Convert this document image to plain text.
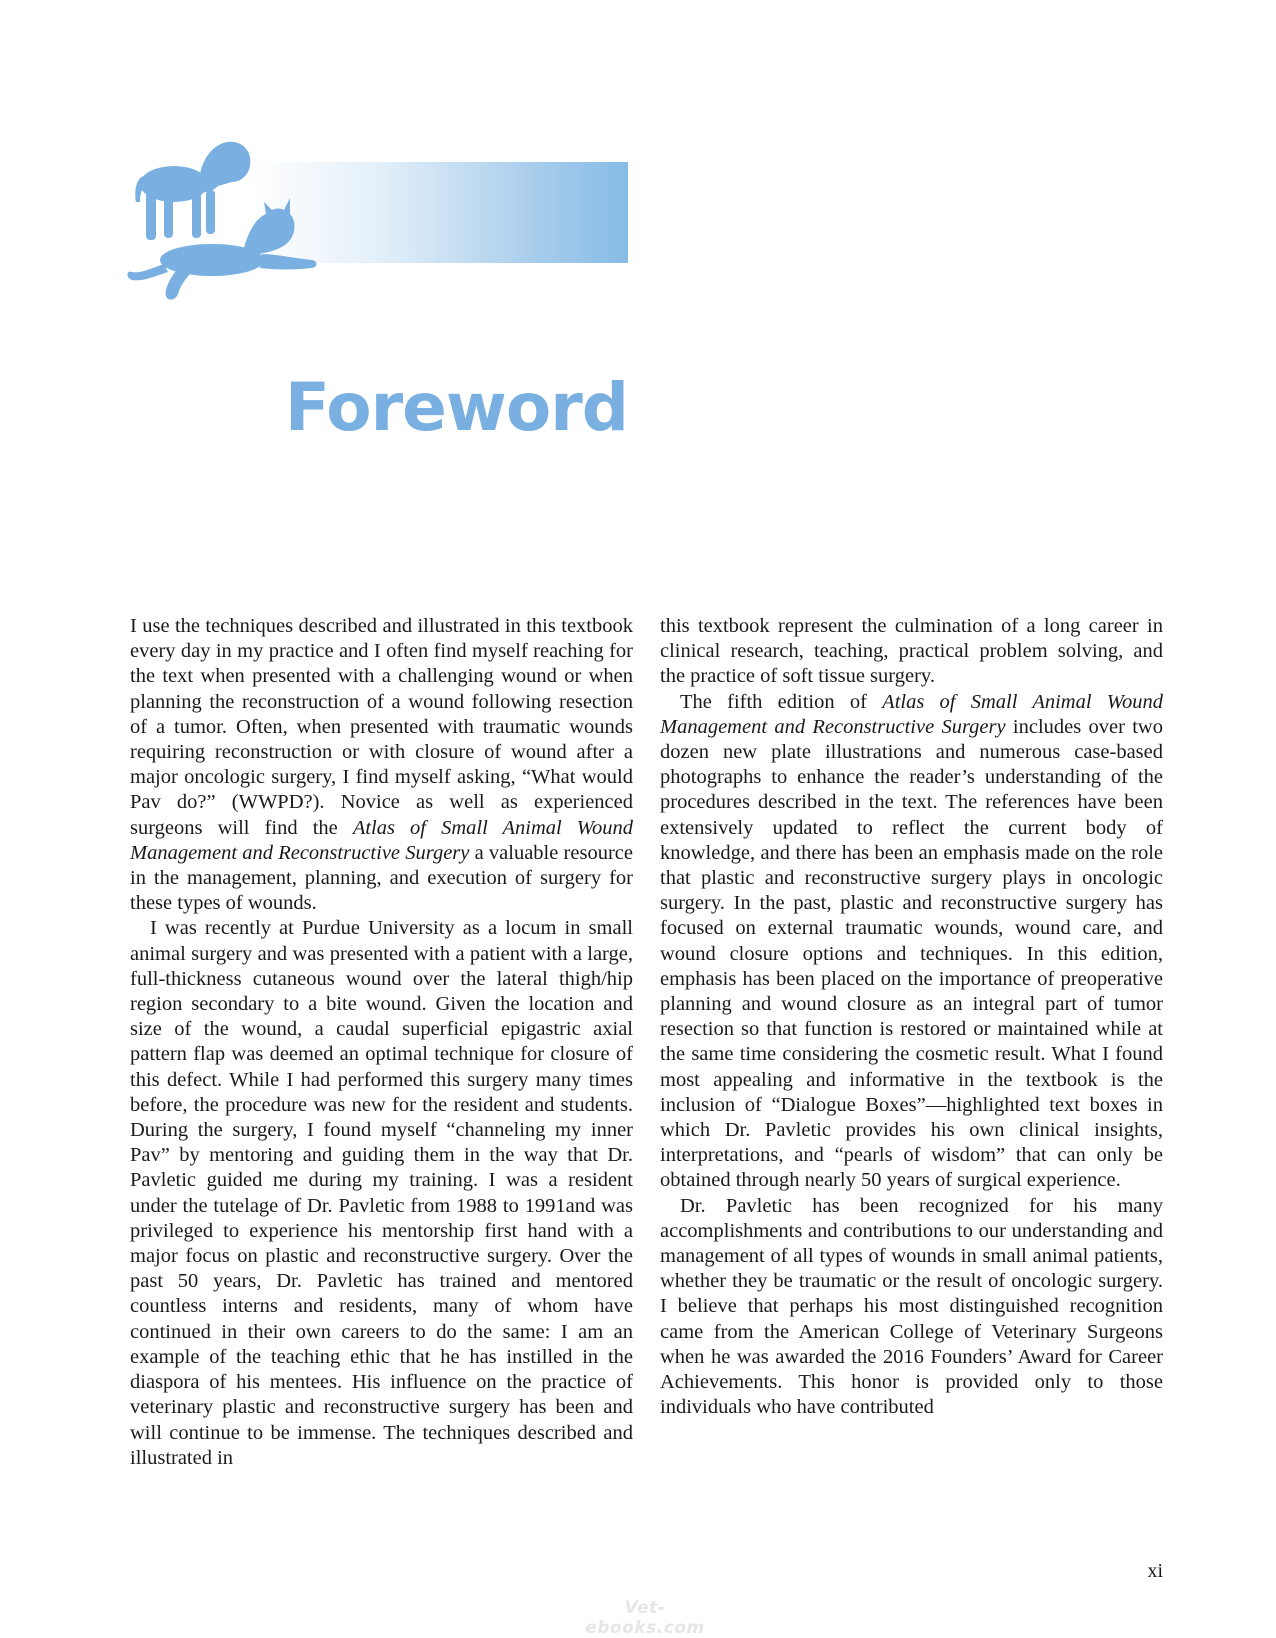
Foreword

I use the techniques described and illustrated in this textbook every day in my practice and I often find myself reaching for the text when presented with a challenging wound or when planning the reconstruction of a wound following resection of a tumor. Often, when presented with traumatic wounds requiring reconstruction or with closure of wound after a major oncologic surgery, I find myself asking, “What would Pav do?” (WWPD?). Novice as well as experienced surgeons will find the Atlas of Small Animal Wound Management and Reconstructive Surgery a valuable resource in the management, planning, and execution of surgery for these types of wounds.

I was recently at Purdue University as a locum in small animal surgery and was presented with a patient with a large, full-thickness cutaneous wound over the lateral thigh/hip region secondary to a bite wound. Given the location and size of the wound, a caudal superficial epigastric axial pattern flap was deemed an optimal technique for closure of this defect. While I had performed this surgery many times before, the procedure was new for the resident and students. During the surgery, I found myself “channeling my inner Pav” by mentoring and guiding them in the way that Dr. Pavletic guided me during my training. I was a resident under the tutelage of Dr. Pavletic from 1988 to 1991and was privileged to experience his mentorship first hand with a major focus on plastic and reconstructive surgery. Over the past 50 years, Dr. Pavletic has trained and mentored countless interns and residents, many of whom have continued in their own careers to do the same: I am an example of the teaching ethic that he has instilled in the diaspora of his mentees. His influence on the practice of veterinary plastic and reconstructive surgery has been and will continue to be immense. The techniques described and illustrated in

this textbook represent the culmination of a long career in clinical research, teaching, practical problem solving, and the practice of soft tissue surgery.

The fifth edition of Atlas of Small Animal Wound Management and Reconstructive Surgery includes over two dozen new plate illustrations and numerous case-based photographs to enhance the reader’s understanding of the procedures described in the text. The references have been extensively updated to reflect the current body of knowledge, and there has been an emphasis made on the role that plastic and reconstructive surgery plays in oncologic surgery. In the past, plastic and reconstructive surgery has focused on external traumatic wounds, wound care, and wound closure options and techniques. In this edition, emphasis has been placed on the importance of preoperative planning and wound closure as an integral part of tumor resection so that function is restored or maintained while at the same time considering the cosmetic result. What I found most appealing and informative in the textbook is the inclusion of “Dialogue Boxes”—highlighted text boxes in which Dr. Pavletic provides his own clinical insights, interpretations, and “pearls of wisdom” that can only be obtained through nearly 50 years of surgical experience.

Dr. Pavletic has been recognized for his many accomplishments and contributions to our understanding and management of all types of wounds in small animal patients, whether they be traumatic or the result of oncologic surgery. I believe that perhaps his most distinguished recognition came from the American College of Veterinary Surgeons when he was awarded the 2016 Founders’ Award for Career Achievements. This honor is provided only to those individuals who have contributed

xi

Vet-ebooks.com
